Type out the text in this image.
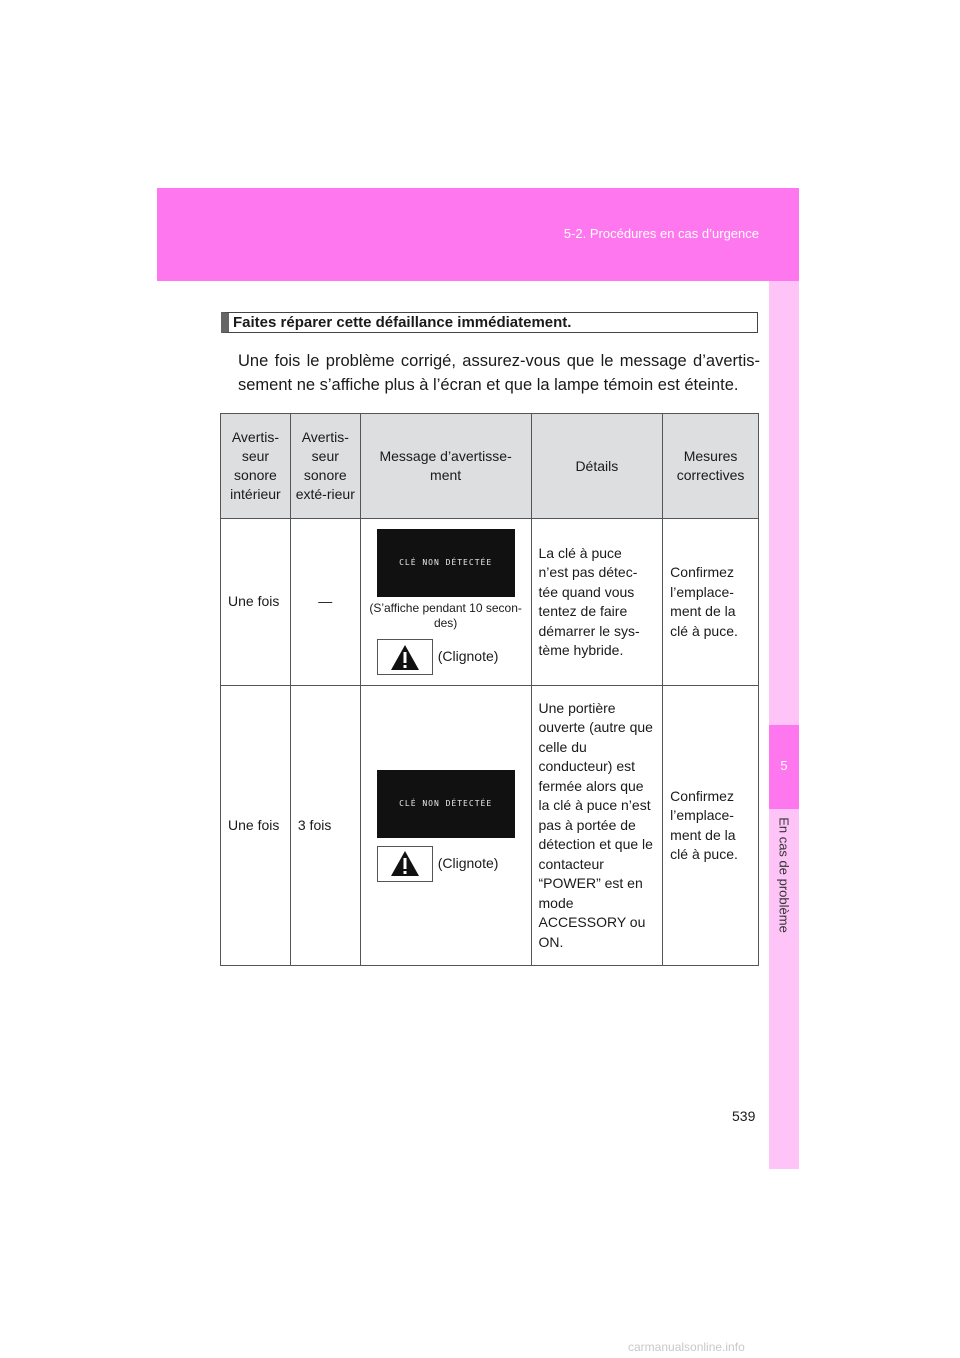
5-2. Procédures en cas d’urgence
5
En cas de problème
Faites réparer cette défaillance immédiatement.
Une fois le problème corrigé, assurez-vous que le message d’avertis-sement ne s’affiche plus à l’écran et que la lampe témoin est éteinte.
Avertis-seur sonore intérieur	Avertis-seur sonore exté-rieur	Message d’avertisse-ment	Détails	Mesures correctives
Une fois	—	CLÉ NON DÉTECTÉE
(S’affiche pendant 10 secon-des)
(Clignote)	La clé à puce n’est pas détec-tée quand vous tentez de faire démarrer le sys-tème hybride.	Confirmez l’emplace-ment de la clé à puce.
Une fois	3 fois	CLÉ NON DÉTECTÉE
(Clignote)	Une portière ouverte (autre que celle du conducteur) est fermée alors que la clé à puce n’est pas à portée de détection et que le contacteur “POWER” est en mode ACCESSORY ou ON.	Confirmez l’emplace-ment de la clé à puce.
539
carmanualsonline.info
